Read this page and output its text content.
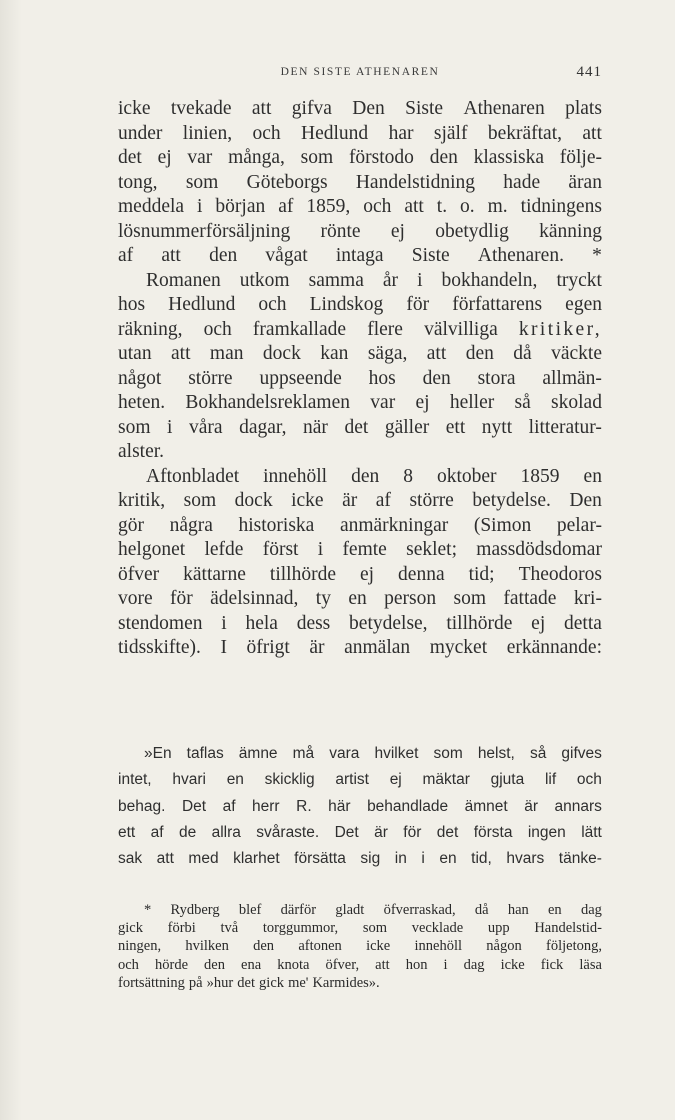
DEN SISTE ATHENAREN	441
icke tvekade att gifva Den Siste Athenaren plats
under linien, och Hedlund har själf bekräftat, att
det ej var många, som förstodo den klassiska följe-
tong, som Göteborgs Handelstidning hade äran
meddela i början af 1859, och att t. o. m. tidningens
lösnummerförsäljning rönte ej obetydlig känning
af att den vågat intaga Siste Athenaren. *
Romanen utkom samma år i bokhandeln, tryckt
hos Hedlund och Lindskog för författarens egen
räkning, och framkallade flere välvilliga kritiker,
utan att man dock kan säga, att den då väckte
något större uppseende hos den stora allmän-
heten. Bokhandelsreklamen var ej heller så skolad
som i våra dagar, när det gäller ett nytt litteratur-
alster.
Aftonbladet innehöll den 8 oktober 1859 en
kritik, som dock icke är af större betydelse. Den
gör några historiska anmärkningar (Simon pelar-
helgonet lefde först i femte seklet; massdödsdomar
öfver kättarne tillhörde ej denna tid; Theodoros
vore för ädelsinnad, ty en person som fattade kri-
stendomen i hela dess betydelse, tillhörde ej detta
tidsskifte). I öfrigt är anmälan mycket erkännande:
»En taflas ämne må vara hvilket som helst, så gifves
intet, hvari en skicklig artist ej mäktar gjuta lif och
behag. Det af herr R. här behandlade ämnet är annars
ett af de allra svåraste. Det är för det första ingen lätt
sak att med klarhet försätta sig in i en tid, hvars tänke-
* Rydberg blef därför gladt öfverraskad, då han en dag
gick förbi två torggummor, som vecklade upp Handelstid-
ningen, hvilken den aftonen icke innehöll någon följetong,
och hörde den ena knota öfver, att hon i dag icke fick läsa
fortsättning på »hur det gick me' Karmides».
